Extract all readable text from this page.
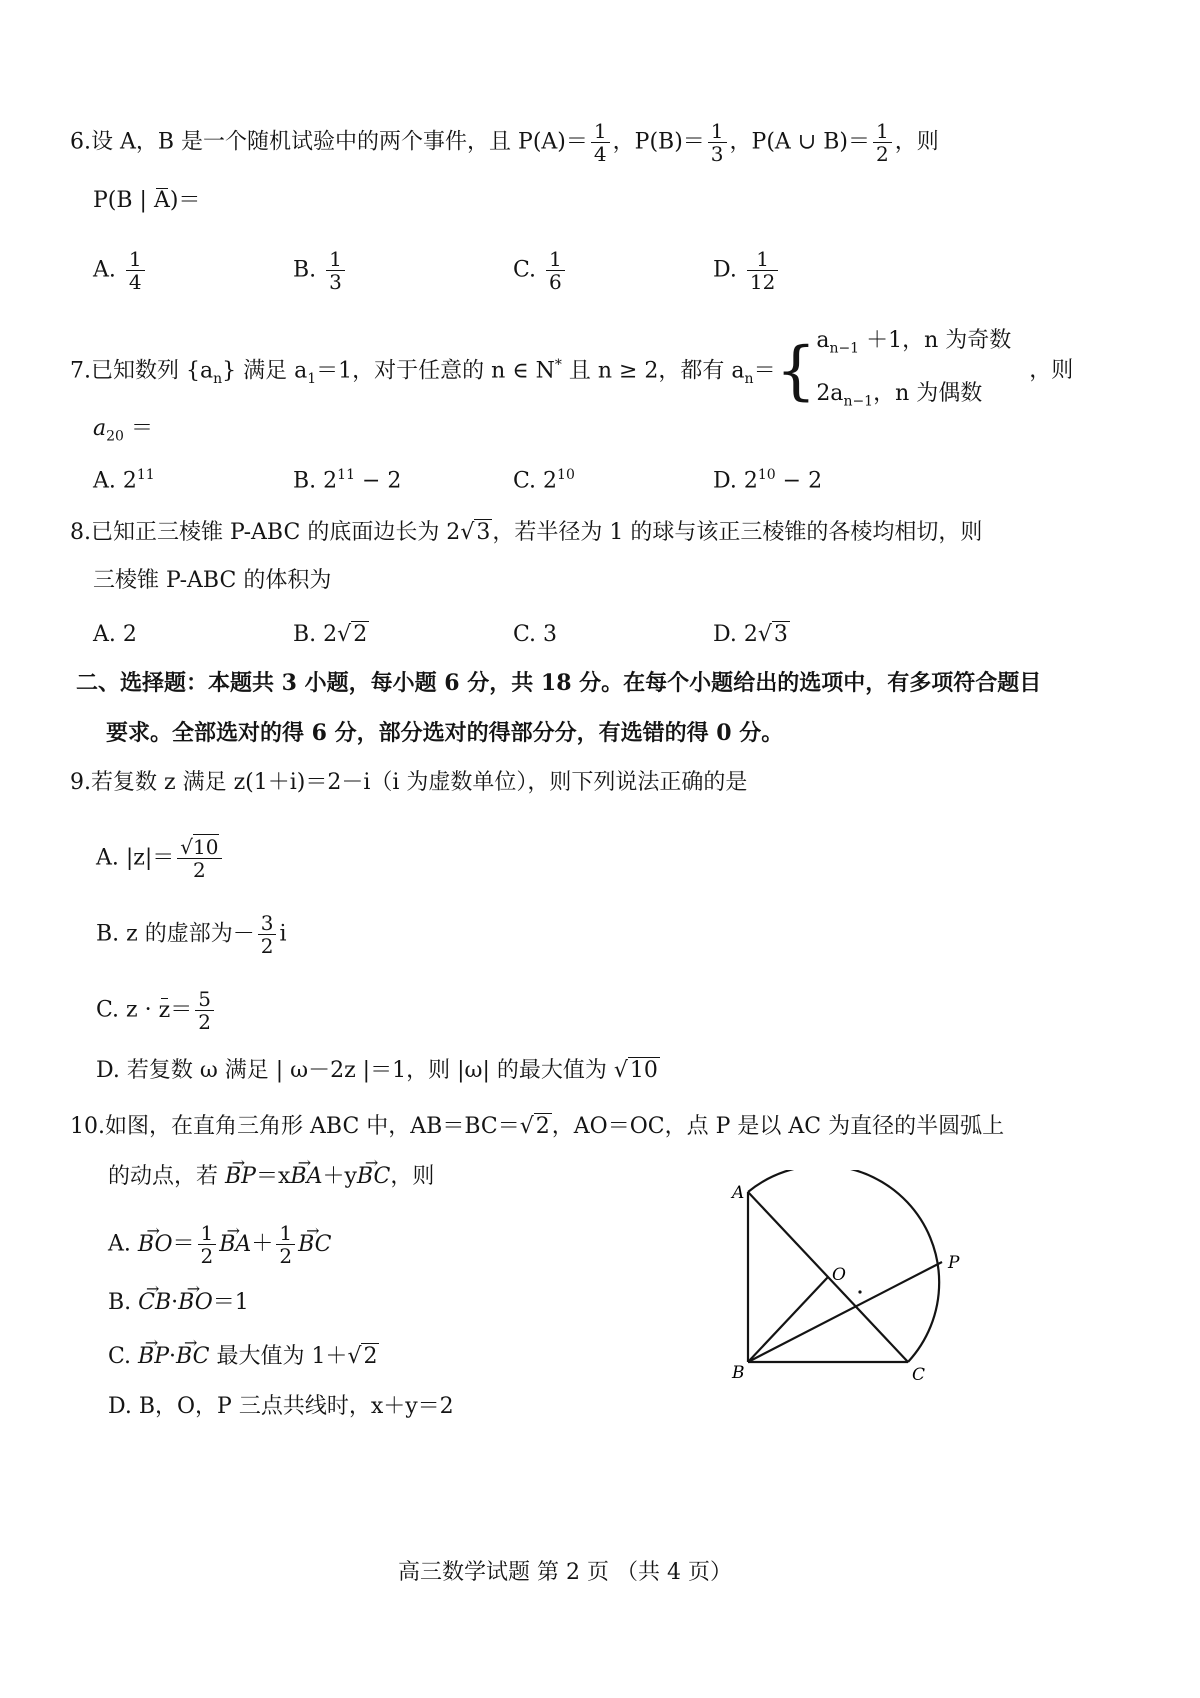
6.设 A，B 是一个随机试验中的两个事件，且 $P(A)= \frac{1}{4}$ ，$P(B)= \frac{1}{3}$ ，P(A ∪ $B)= \frac{1}{2}$ ，则
P(B | A)＝
A. $\frac{1}{4}$	B. $\frac{1}{3}$	C. $\frac{1}{6}$	D. $\frac{1}{12}$
7.已知数列 $\{a_n\}$ 满足 $a_1=1$，对于任意的 n ∈ N* 且 n ≥ 2，都有 $a_n=${ $a_{n-1} +1$，n 为奇数
$2a_{n-1}$，n 为偶数
，则
$a_{20}$ ＝
A. $2^{11}$	B. $2^{11} - 2$	C. $2^{10}$	D. $2^{10} - 2$
8.已知正三棱锥 P-ABC 的底面边长为 2√3，若半径为 1 的球与该正三棱锥的各棱均相切，则
三棱锥 P-ABC 的体积为
A. 2	B. 2√2	C. 3	D. 2√3
二、选择题：本题共 3 小题，每小题 6 分，共 18 分。在每个小题给出的选项中，有多项符合题目
要求。全部选对的得 6 分，部分选对的得部分分，有选错的得 0 分。
9.若复数 z 满足 z(1＋i)＝2－i（i 为虚数单位），则下列说法正确的是
A. $|z|= \frac{√10}{2}$
B. z 的虚部为－ $\frac{3}{2}$ i
C. $z \cdot z= \frac{5}{2}$
D. 若复数 ω 满足 | ω－2z |＝1，则 |ω| 的最大值为 √10
10.如图，在直角三角形 ABC 中，AB＝BC＝√2，AO＝OC，点 P 是以 AC 为直径的半圆弧上
的动点，若 → BP＝x→ BA＋y→ BC，则
A. → $BO= \frac{1}{2}$
→ $BA+ \frac{1}{2}$
→ BC
B. → CB·→ BO＝1
C. → BP·→ BC 最大值为 1＋√2
D. B，O，P 三点共线时，x＋y＝2
A
B	C
O
P
高三数学试题 第 2 页 （共 4 页）
